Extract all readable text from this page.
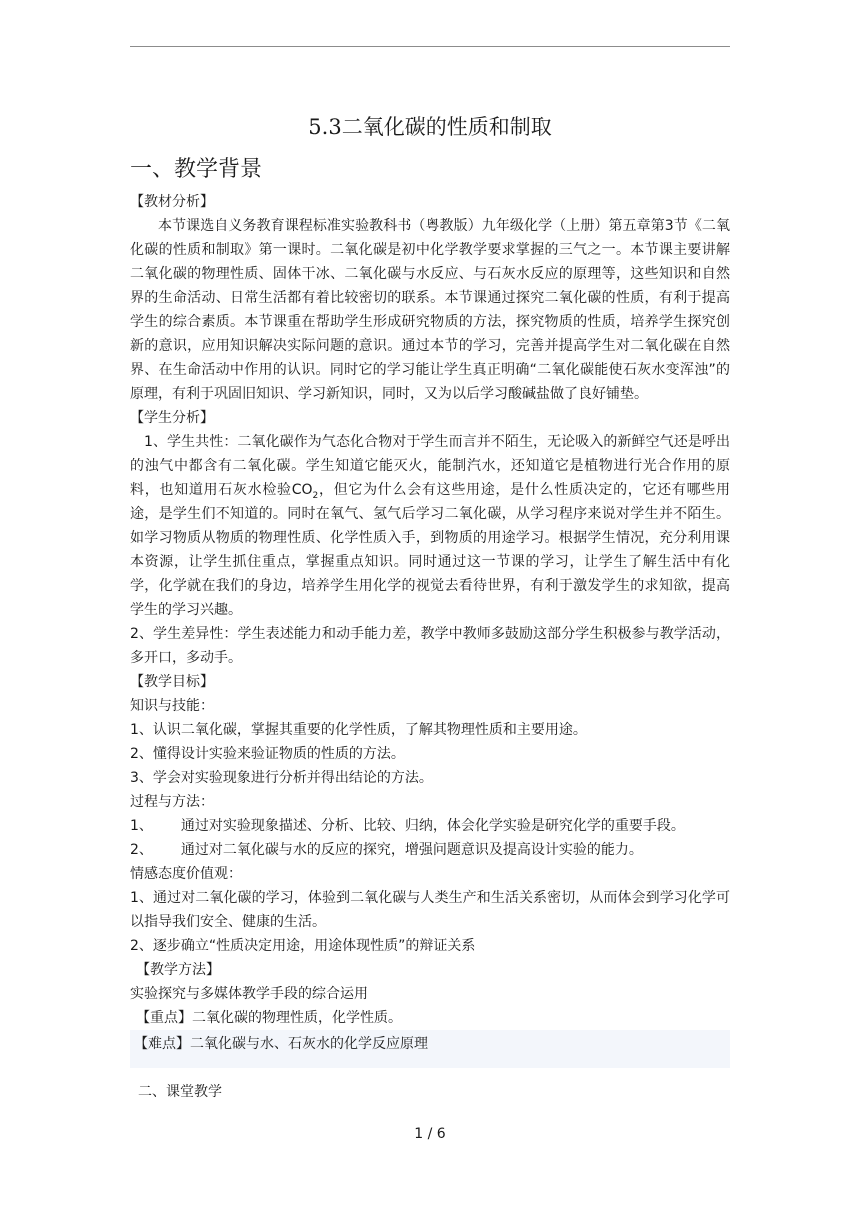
5.3二氧化碳的性质和制取
一、教学背景

【教材分析】

本节课选自义务教育课程标准实验教科书（粤教版）九年级化学（上册）第五章第3节《二氧化碳的性质和制取》第一课时。二氧化碳是初中化学教学要求掌握的三气之一。本节课主要讲解二氧化碳的物理性质、固体干冰、二氧化碳与水反应、与石灰水反应的原理等，这些知识和自然界的生命活动、日常生活都有着比较密切的联系。本节课通过探究二氧化碳的性质，有利于提高学生的综合素质。本节课重在帮助学生形成研究物质的方法，探究物质的性质，培养学生探究创新的意识，应用知识解决实际问题的意识。通过本节的学习，完善并提高学生对二氧化碳在自然界、在生命活动中作用的认识。同时它的学习能让学生真正明确“二氧化碳能使石灰水变浑浊”的原理，有利于巩固旧知识、学习新知识，同时，又为以后学习酸碱盐做了良好铺垫。

【学生分析】

1、学生共性：二氧化碳作为气态化合物对于学生而言并不陌生，无论吸入的新鲜空气还是呼出的浊气中都含有二氧化碳。学生知道它能灭火，能制汽水，还知道它是植物进行光合作用的原料，也知道用石灰水检验$CO_2$，但它为什么会有这些用途，是什么性质决定的，它还有哪些用途，是学生们不知道的。同时在氧气、氢气后学习二氧化碳，从学习程序来说对学生并不陌生。如学习物质从物质的物理性质、化学性质入手，到物质的用途学习。根据学生情况，充分利用课本资源，让学生抓住重点，掌握重点知识。同时通过这一节课的学习，让学生了解生活中有化学，化学就在我们的身边，培养学生用化学的视觉去看待世界，有利于激发学生的求知欲，提高学生的学习兴趣。

2、学生差异性：学生表述能力和动手能力差，教学中教师多鼓励这部分学生积极参与教学活动，多开口，多动手。

【教学目标】

知识与技能：

1、认识二氧化碳，掌握其重要的化学性质，了解其物理性质和主要用途。

2、懂得设计实验来验证物质的性质的方法。

3、学会对实验现象进行分析并得出结论的方法。

过程与方法：

1、 通过对实验现象描述、分析、比较、归纳，体会化学实验是研究化学的重要手段。
2、 通过对二氧化碳与水的反应的探究，增强问题意识及提高设计实验的能力。

情感态度价值观：

1、通过对二氧化碳的学习，体验到二氧化碳与人类生产和生活关系密切，从而体会到学习化学可以指导我们安全、健康的生活。

2、逐步确立“性质决定用途，用途体现性质”的辩证关系

【教学方法】

实验探究与多媒体教学手段的综合运用

【重点】二氧化碳的物理性质，化学性质。

【难点】二氧化碳与水、石灰水的化学反应原理

二、课堂教学

1 / 6
